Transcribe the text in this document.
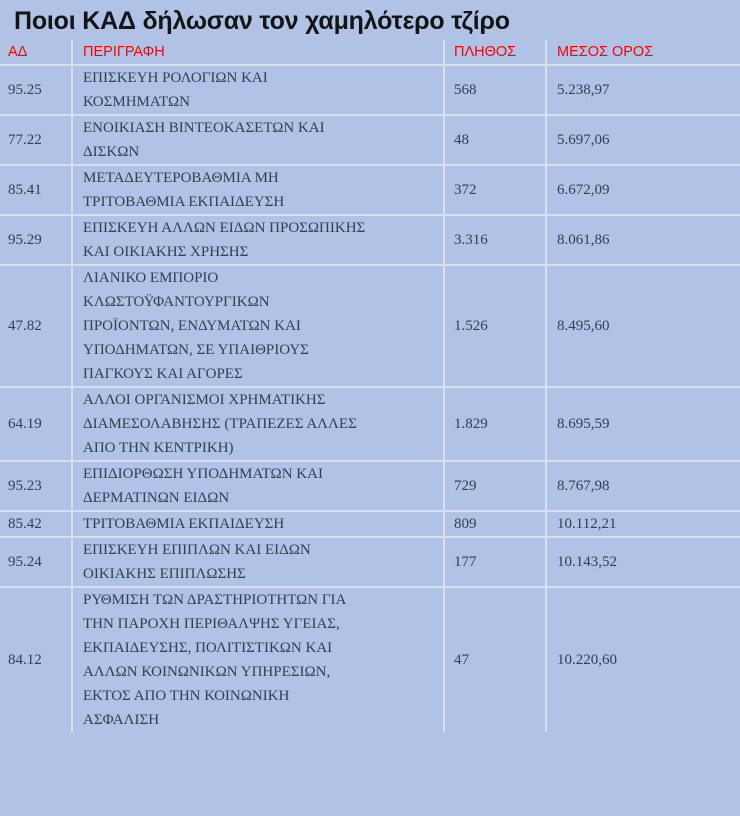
Ποιοι ΚΑΔ δήλωσαν τον χαμηλότερο τζίρο
ΑΔ	ΠΕΡΙΓΡΑΦΗ	ΠΛΗΘΟΣ	ΜΕΣΟΣ ΟΡΟΣ
95.25	ΕΠΙΣΚΕΥΗ ΡΟΛΟΓΙΩΝ ΚΑΙ
ΚΟΣΜΗΜΑΤΩΝ	568	5.238,97
77.22	ΕΝΟΙΚΙΑΣΗ ΒΙΝΤΕΟΚΑΣΕΤΩΝ ΚΑΙ
ΔΙΣΚΩΝ	48	5.697,06
85.41	ΜΕΤΑΔΕΥΤΕΡΟΒΑΘΜΙΑ ΜΗ
ΤΡΙΤΟΒΑΘΜΙΑ ΕΚΠΑΙΔΕΥΣΗ	372	6.672,09
95.29	ΕΠΙΣΚΕΥΗ ΑΛΛΩΝ ΕΙΔΩΝ ΠΡΟΣΩΠΙΚΗΣ
ΚΑΙ ΟΙΚΙΑΚΗΣ ΧΡΗΣΗΣ	3.316	8.061,86
47.82	ΛΙΑΝΙΚΟ ΕΜΠΟΡΙΟ
ΚΛΩΣΤΟΫΦΑΝΤΟΥΡΓΙΚΩΝ
ΠΡΟΪΟΝΤΩΝ, ΕΝΔΥΜΑΤΩΝ ΚΑΙ
ΥΠΟΔΗΜΑΤΩΝ, ΣΕ ΥΠΑΙΘΡΙΟΥΣ
ΠΑΓΚΟΥΣ ΚΑΙ ΑΓΟΡΕΣ	1.526	8.495,60
64.19	ΑΛΛΟΙ ΟΡΓΑΝΙΣΜΟΙ ΧΡΗΜΑΤΙΚΗΣ
ΔΙΑΜΕΣΟΛΑΒΗΣΗΣ (ΤΡΑΠΕΖΕΣ ΑΛΛΕΣ
ΑΠΟ ΤΗΝ ΚΕΝΤΡΙΚΗ)	1.829	8.695,59
95.23	ΕΠΙΔΙΟΡΘΩΣΗ ΥΠΟΔΗΜΑΤΩΝ ΚΑΙ
ΔΕΡΜΑΤΙΝΩΝ ΕΙΔΩΝ	729	8.767,98
85.42	ΤΡΙΤΟΒΑΘΜΙΑ ΕΚΠΑΙΔΕΥΣΗ	809	10.112,21
95.24	ΕΠΙΣΚΕΥΗ ΕΠΙΠΛΩΝ ΚΑΙ ΕΙΔΩΝ
ΟΙΚΙΑΚΗΣ ΕΠΙΠΛΩΣΗΣ	177	10.143,52
84.12	
ΡΥΘΜΙΣΗ ΤΩΝ ΔΡΑΣΤΗΡΙΟΤΗΤΩΝ ΓΙΑ
ΤΗΝ ΠΑΡΟΧΗ ΠΕΡΙΘΑΛΨΗΣ ΥΓΕΙΑΣ,
ΕΚΠΑΙΔΕΥΣΗΣ, ΠΟΛΙΤΙΣΤΙΚΩΝ ΚΑΙ
ΑΛΛΩΝ ΚΟΙΝΩΝΙΚΩΝ ΥΠΗΡΕΣΙΩΝ,
ΕΚΤΟΣ ΑΠΟ ΤΗΝ ΚΟΙΝΩΝΙΚΗ
ΑΣΦΑΛΙΣΗ
	47	10.220,60
